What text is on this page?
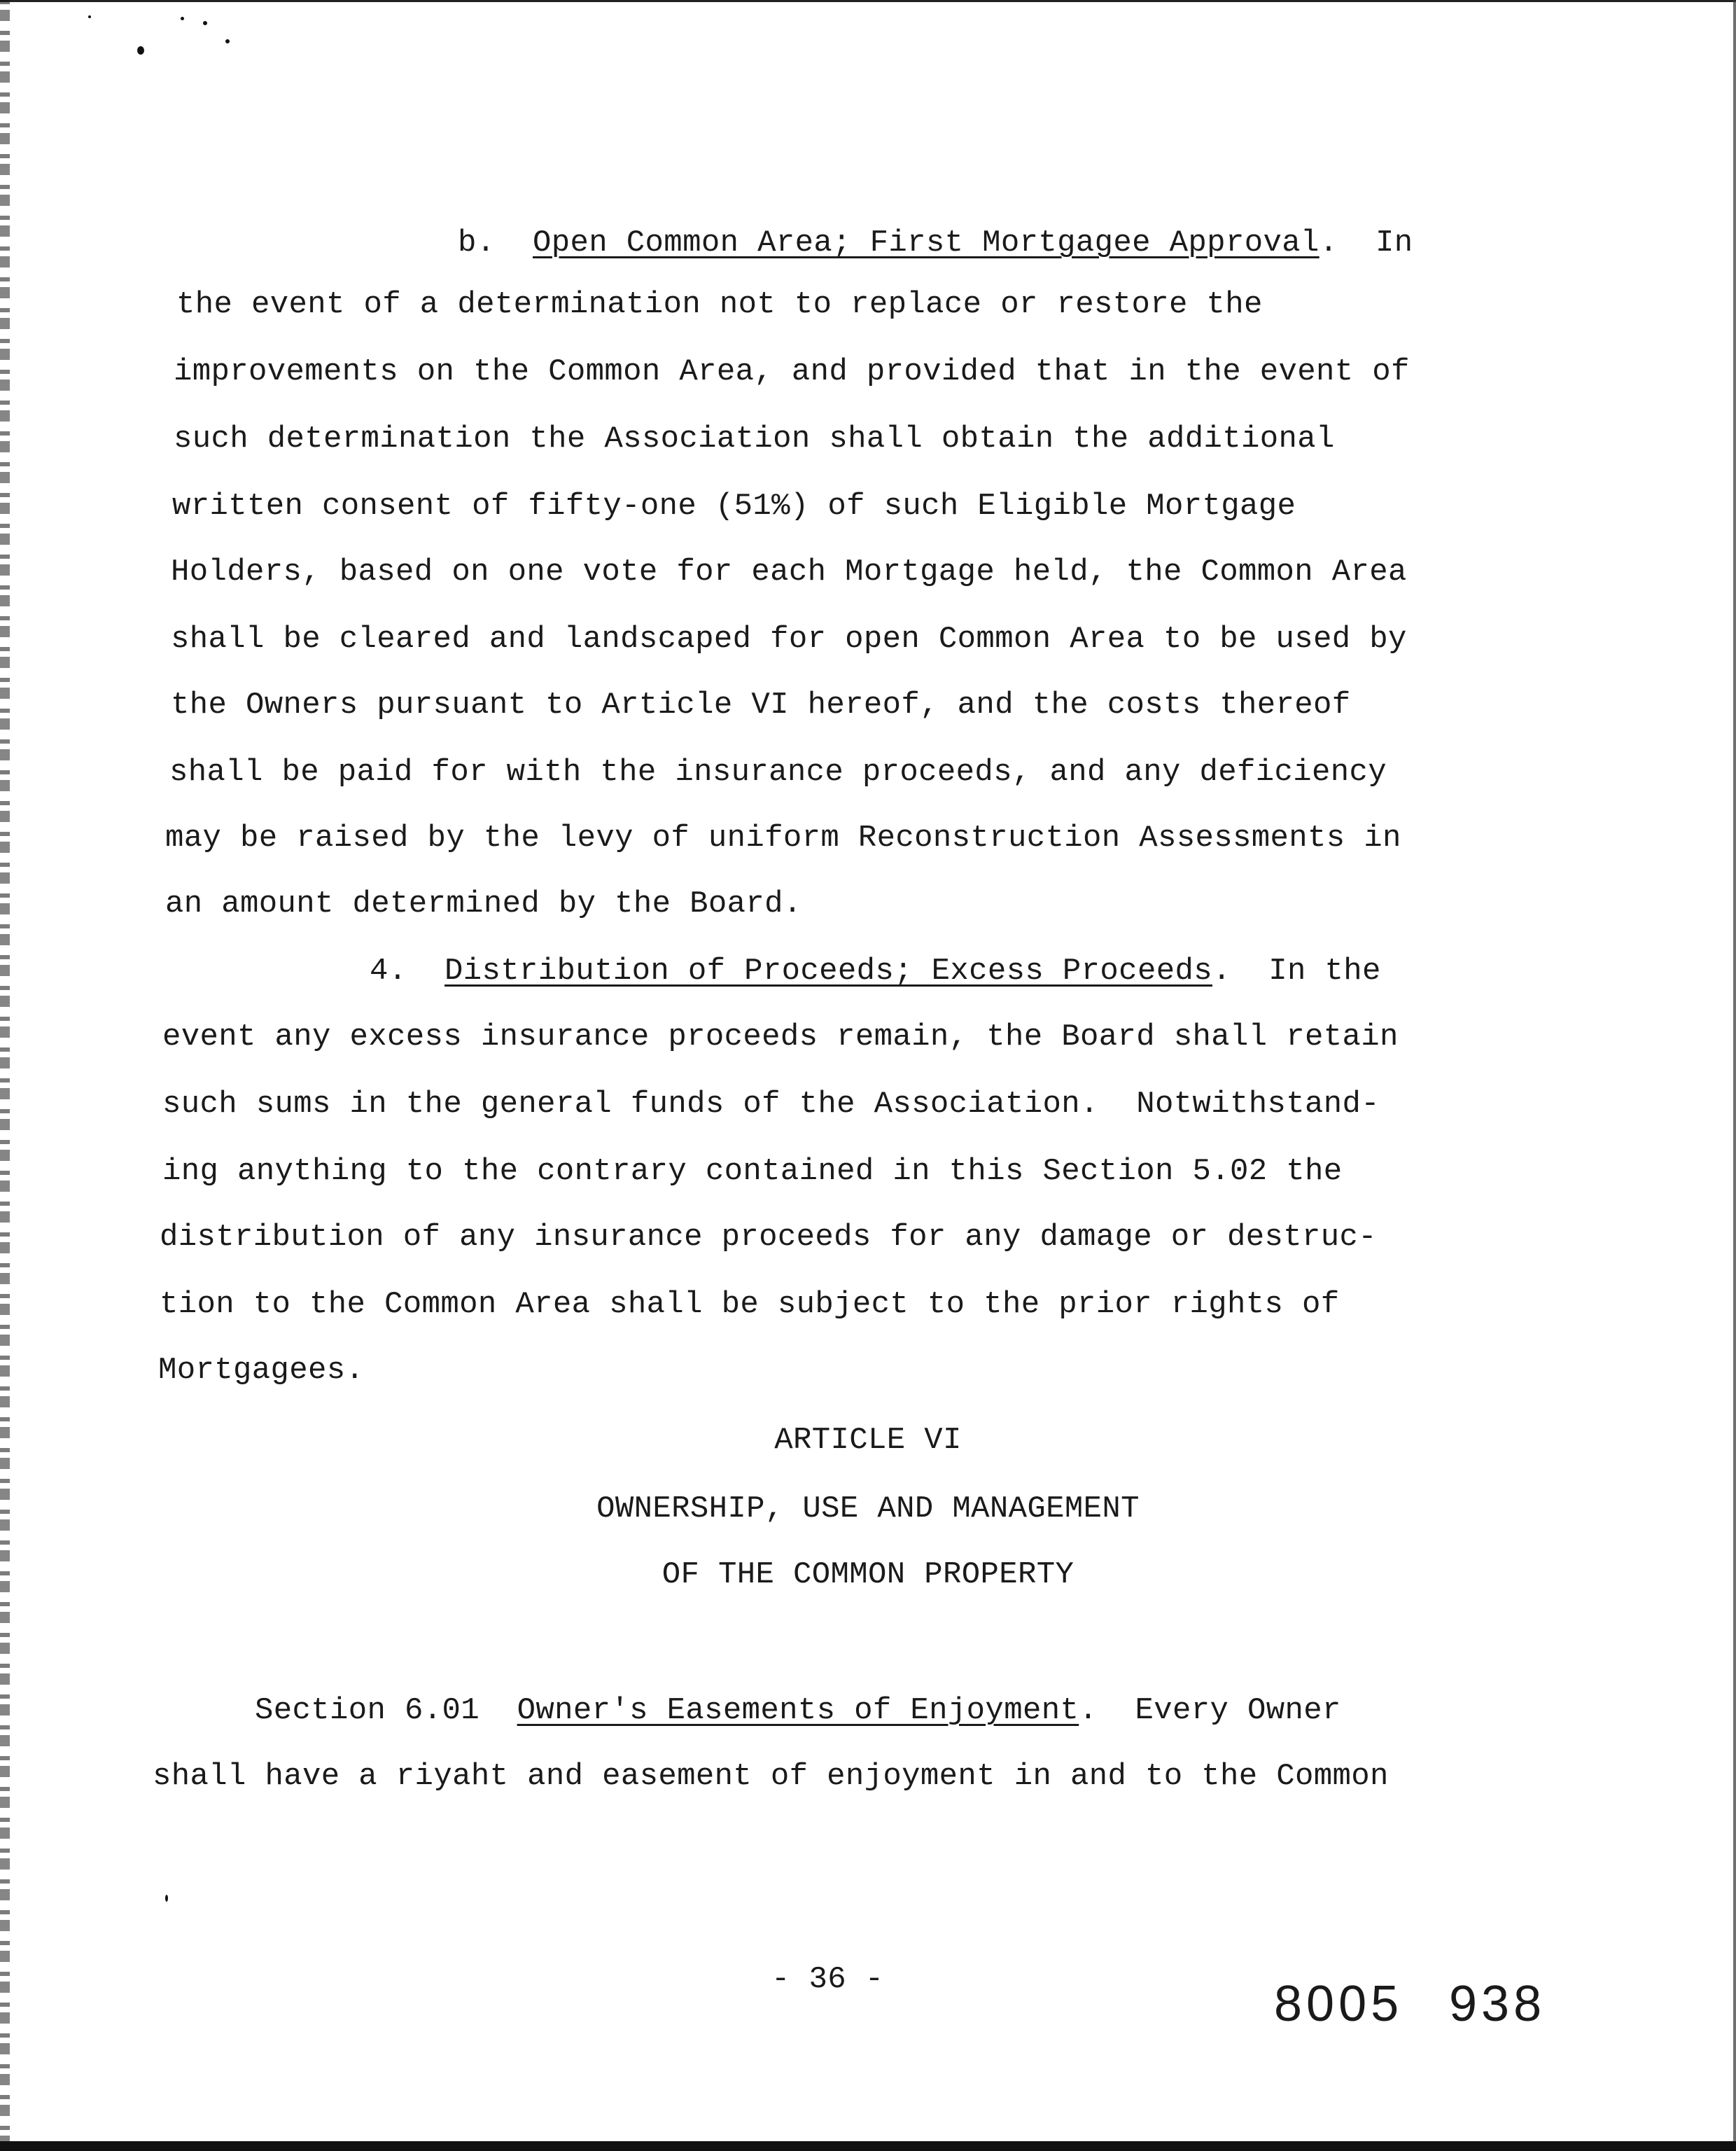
b. Open Common Area; First Mortgagee Approval. In
the event of a determination not to replace or restore the
improvements on the Common Area, and provided that in the event of
such determination the Association shall obtain the additional
written consent of fifty-one (51%) of such Eligible Mortgage
Holders, based on one vote for each Mortgage held, the Common Area
shall be cleared and landscaped for open Common Area to be used by
the Owners pursuant to Article VI hereof, and the costs thereof
shall be paid for with the insurance proceeds, and any deficiency
may be raised by the levy of uniform Reconstruction Assessments in
an amount determined by the Board.
4. Distribution of Proceeds; Excess Proceeds. In the
event any excess insurance proceeds remain, the Board shall retain
such sums in the general funds of the Association.  Notwithstand-
ing anything to the contrary contained in this Section 5.02 the
distribution of any insurance proceeds for any damage or destruc-
tion to the Common Area shall be subject to the prior rights of
Mortgagees.
ARTICLE VI
OWNERSHIP, USE AND MANAGEMENT
OF THE COMMON PROPERTY
Section 6.01 Owner's Easements of Enjoyment. Every Owner
shall have a riyaht and easement of enjoyment in and to the Common
- 36 -	8005 938
